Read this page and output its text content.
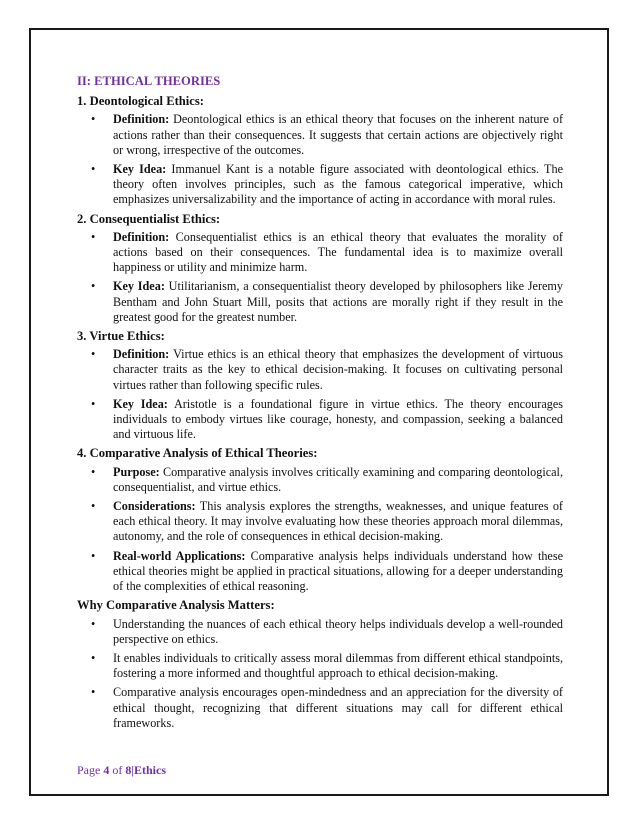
II: ETHICAL THEORIES
1. Deontological Ethics:
• Definition: Deontological ethics is an ethical theory that focuses on the inherent nature of actions rather than their consequences. It suggests that certain actions are objectively right or wrong, irrespective of the outcomes.
• Key Idea: Immanuel Kant is a notable figure associated with deontological ethics. The theory often involves principles, such as the famous categorical imperative, which emphasizes universalizability and the importance of acting in accordance with moral rules.
2. Consequentialist Ethics:
• Definition: Consequentialist ethics is an ethical theory that evaluates the morality of actions based on their consequences. The fundamental idea is to maximize overall happiness or utility and minimize harm.
• Key Idea: Utilitarianism, a consequentialist theory developed by philosophers like Jeremy Bentham and John Stuart Mill, posits that actions are morally right if they result in the greatest good for the greatest number.
3. Virtue Ethics:
• Definition: Virtue ethics is an ethical theory that emphasizes the development of virtuous character traits as the key to ethical decision-making. It focuses on cultivating personal virtues rather than following specific rules.
• Key Idea: Aristotle is a foundational figure in virtue ethics. The theory encourages individuals to embody virtues like courage, honesty, and compassion, seeking a balanced and virtuous life.
4. Comparative Analysis of Ethical Theories:
• Purpose: Comparative analysis involves critically examining and comparing deontological, consequentialist, and virtue ethics.
• Considerations: This analysis explores the strengths, weaknesses, and unique features of each ethical theory. It may involve evaluating how these theories approach moral dilemmas, autonomy, and the role of consequences in ethical decision-making.
• Real-world Applications: Comparative analysis helps individuals understand how these ethical theories might be applied in practical situations, allowing for a deeper understanding of the complexities of ethical reasoning.
Why Comparative Analysis Matters:
• Understanding the nuances of each ethical theory helps individuals develop a well-rounded perspective on ethics.
• It enables individuals to critically assess moral dilemmas from different ethical standpoints, fostering a more informed and thoughtful approach to ethical decision-making.
• Comparative analysis encourages open-mindedness and an appreciation for the diversity of ethical thought, recognizing that different situations may call for different ethical frameworks.
Page 4 of 8|Ethics
